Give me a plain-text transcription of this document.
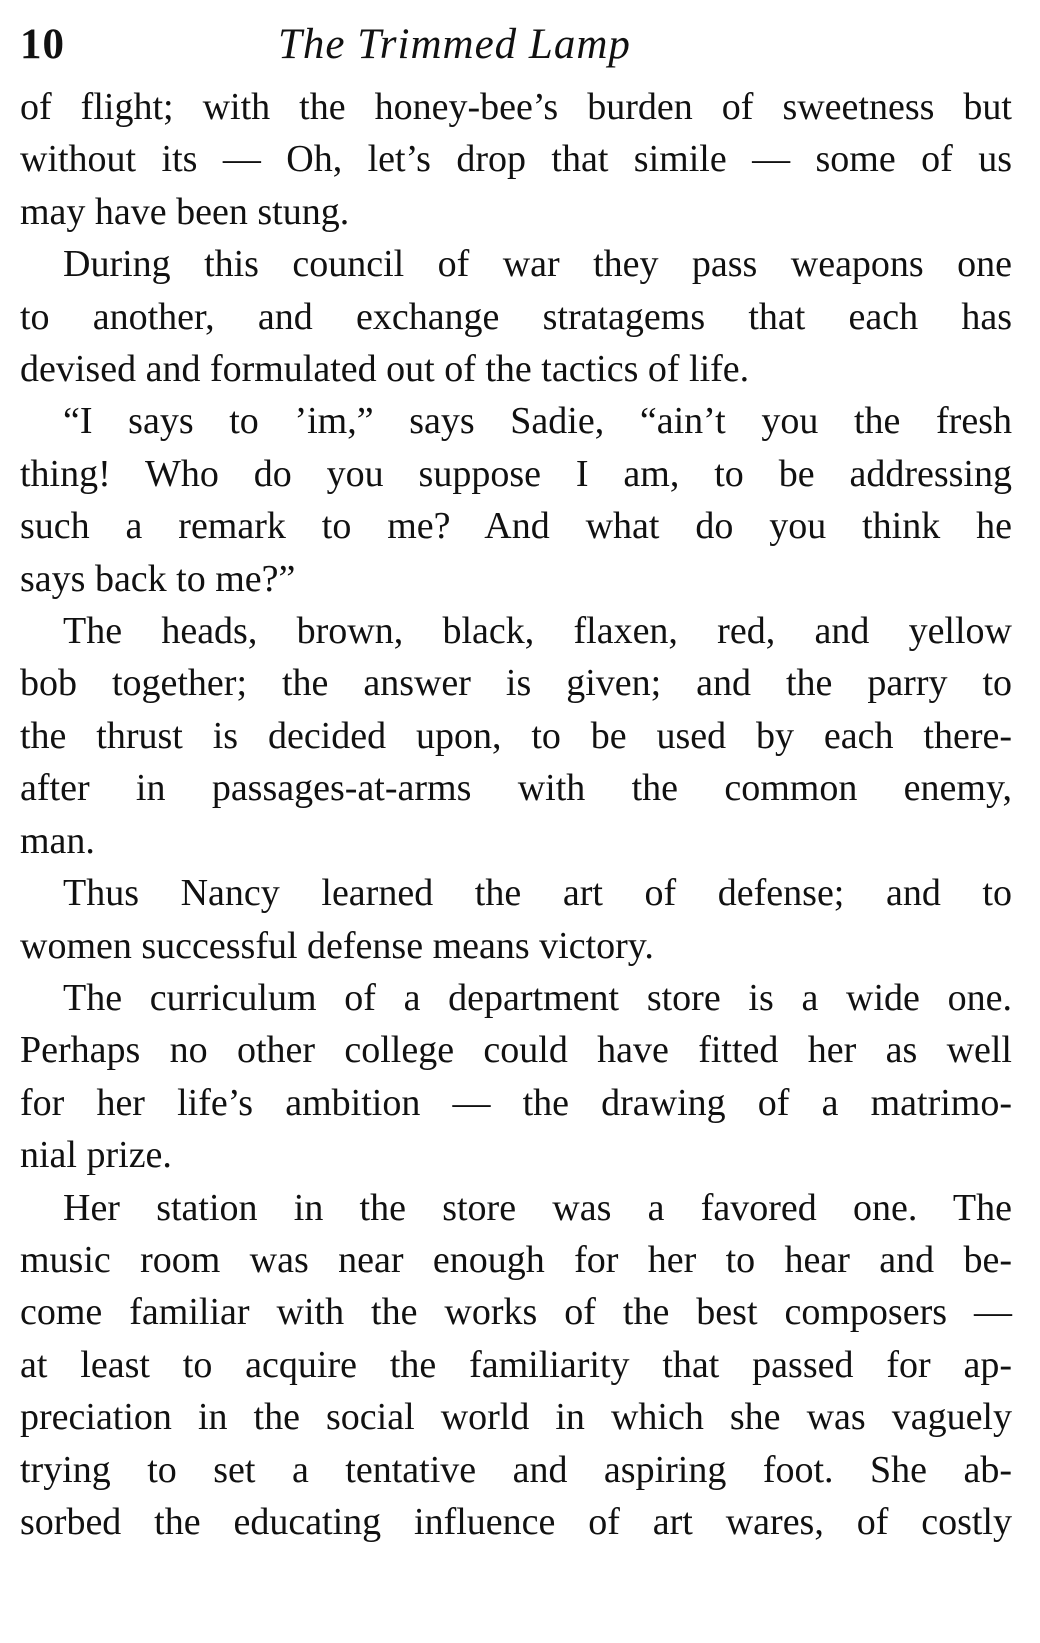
10	The Trimmed Lamp

of flight; with the honey-bee’s burden of sweetness but
without its — Oh, let’s drop that simile — some of us
may have been stung.

During this council of war they pass weapons one
to another, and exchange stratagems that each has
devised and formulated out of the tactics of life.

“I says to ’im,” says Sadie, “ain’t you the fresh
thing! Who do you suppose I am, to be addressing
such a remark to me? And what do you think he
says back to me?”

The heads, brown, black, flaxen, red, and yellow
bob together; the answer is given; and the parry to
the thrust is decided upon, to be used by each there-
after in passages-at-arms with the common enemy,
man.

Thus Nancy learned the art of defense; and to
women successful defense means victory.

The curriculum of a department store is a wide one.
Perhaps no other college could have fitted her as well
for her life’s ambition — the drawing of a matrimo-
nial prize.

Her station in the store was a favored one. The
music room was near enough for her to hear and be-
come familiar with the works of the best composers —
at least to acquire the familiarity that passed for ap-
preciation in the social world in which she was vaguely
trying to set a tentative and aspiring foot. She ab-
sorbed the educating influence of art wares, of costly
